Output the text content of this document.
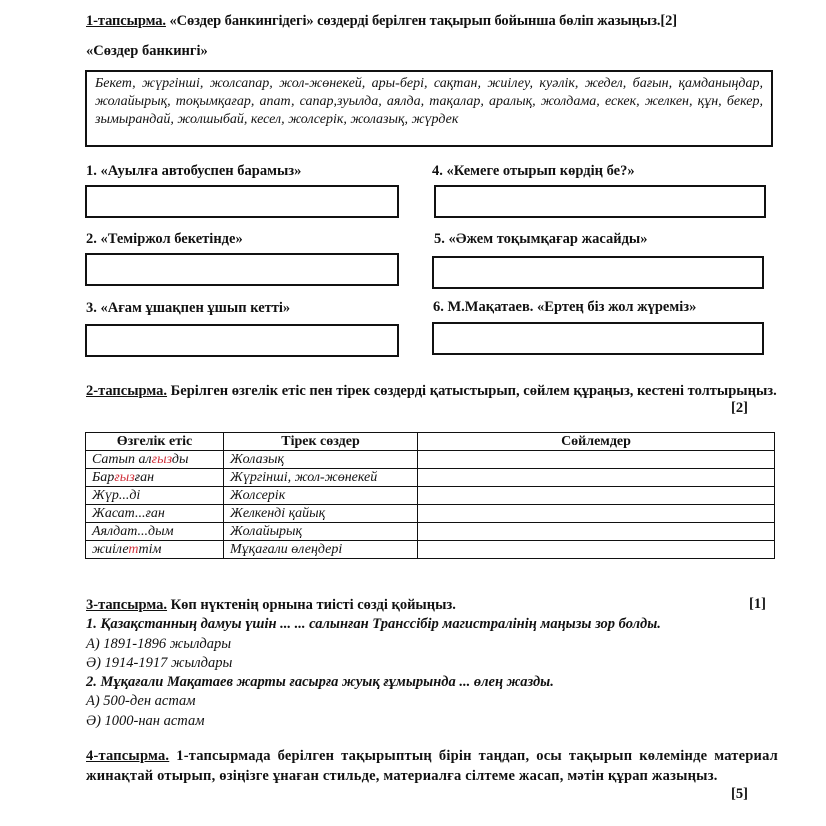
1-тапсырма. «Сөздер банкингідегі» сөздерді берілген тақырып бойынша бөліп жазыңыз.[2]
«Сөздер банкингі»
Бекет, жүргінші, жолсапар, жол-жөнекей, ары-бері, сақтан, жиілеу, куәлік, жедел, бағын, қамданыңдар, жолайырық, тоқымқағар, апат, сапар,зуылда, аялда, тақалар, аралық, жолдама, ескек, желкен, құн, бекер, зымырандай, жолшыбай, кесел, жолсерік, жолазық, жүрдек
1. «Ауылға автобуспен барамыз»
2. «Теміржол бекетінде»
3. «Ағам ұшақпен ұшып кетті»
4. «Кемеге отырып көрдің бе?»
5. «Әжем тоқымқағар жасайды»
6. М.Мақатаев. «Ертең біз жол жүреміз»
2-тапсырма. Берілген өзгелік етіс пен тірек сөздерді қатыстырып, сөйлем құраңыз, кестені толтырыңыз.
[2]
Өзгелік етіс	Тірек сөздер	Сөйлемдер
Сатып алғызды	Жолазық	
Барғызған	Жүргінші, жол-жөнекей	
Жүр...ді	Жолсерік	
Жасат...ған	Желкенді қайық	
Аялдат...дым	Жолайырық	
жиілеттім	Мұқағали өлеңдері	
3-тапсырма. Көп нүктенің орнына тиісті сөзді қойыңыз.
1. Қазақстанның дамуы үшін ... ... салынған Транссібір магистралінің маңызы зор болды.
А) 1891-1896 жылдары
Ә) 1914-1917 жылдары
2. Мұқағали Мақатаев жарты ғасырға жуық ғұмырында ... өлең жазды.
А) 500-ден астам
Ә) 1000-нан астам
[1]
4-тапсырма. 1-тапсырмада берілген тақырыптың бірін таңдап, осы тақырып көлемінде материал жинақтай отырып, өзіңізге ұнаған стильде, материалға сілтеме жасап, мәтін құрап жазыңыз.
[5]
